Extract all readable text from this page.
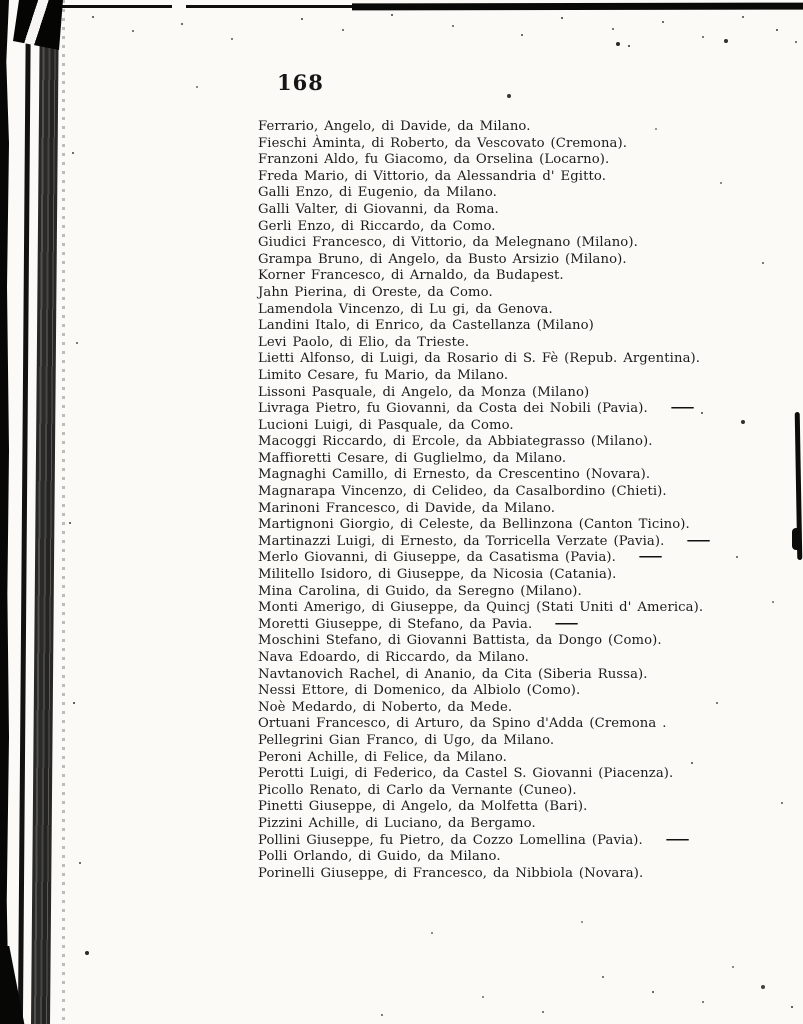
168
Ferrario, Angelo, di Davide, da Milano.
Fieschi Àminta, di Roberto, da Vescovato (Cremona).
Franzoni Aldo, fu Giacomo, da Orselina (Locarno).
Freda Mario, di Vittorio, da Alessandria d' Egitto.
Galli Enzo, di Eugenio, da Milano.
Galli Valter, di Giovanni, da Roma.
Gerli Enzo, di Riccardo, da Como.
Giudici Francesco, di Vittorio, da Melegnano (Milano).
Grampa Bruno, di Angelo, da Busto Arsizio (Milano).
Korner Francesco, di Arnaldo, da Budapest.
Jahn Pierina, di Oreste, da Como.
Lamendola Vincenzo, di Lu gi, da Genova.
Landini Italo, di Enrico, da Castellanza (Milano)
Levi Paolo, di Elio, da Trieste.
Lietti Alfonso, di Luigi, da Rosario di S. Fè (Repub. Argentina).
Limito Cesare, fu Mario, da Milano.
Lissoni Pasquale, di Angelo, da Monza (Milano)
Livraga Pietro, fu Giovanni, da Costa dei Nobili (Pavia). —
Lucioni Luigi, di Pasquale, da Como.
Macoggi Riccardo, di Ercole, da Abbiategrasso (Milano).
Maffioretti Cesare, di Guglielmo, da Milano.
Magnaghi Camillo, di Ernesto, da Crescentino (Novara).
Magnarapa Vincenzo, di Celideo, da Casalbordino (Chieti).
Marinoni Francesco, di Davide, da Milano.
Martignoni Giorgio, di Celeste, da Bellinzona (Canton Ticino).
Martinazzi Luigi, di Ernesto, da Torricella Verzate (Pavia). —
Merlo Giovanni, di Giuseppe, da Casatisma (Pavia). —
Militello Isidoro, di Giuseppe, da Nicosia (Catania).
Mina Carolina, di Guido, da Seregno (Milano).
Monti Amerigo, di Giuseppe, da Quincj (Stati Uniti d' America).
Moretti Giuseppe, di Stefano, da Pavia. —
Moschini Stefano, di Giovanni Battista, da Dongo (Como).
Nava Edoardo, di Riccardo, da Milano.
Navtanovich Rachel, di Ananio, da Cita (Siberia Russa).
Nessi Ettore, di Domenico, da Albiolo (Como).
Noè Medardo, di Noberto, da Mede.
Ortuani Francesco, di Arturo, da Spino d'Adda (Cremona .
Pellegrini Gian Franco, di Ugo, da Milano.
Peroni Achille, di Felice, da Milano.
Perotti Luigi, di Federico, da Castel S. Giovanni (Piacenza).
Picollo Renato, di Carlo da Vernante (Cuneo).
Pinetti Giuseppe, di Angelo, da Molfetta (Bari).
Pizzini Achille, di Luciano, da Bergamo.
Pollini Giuseppe, fu Pietro, da Cozzo Lomellina (Pavia). —
Polli Orlando, di Guido, da Milano.
Porinelli Giuseppe, di Francesco, da Nibbiola (Novara).
